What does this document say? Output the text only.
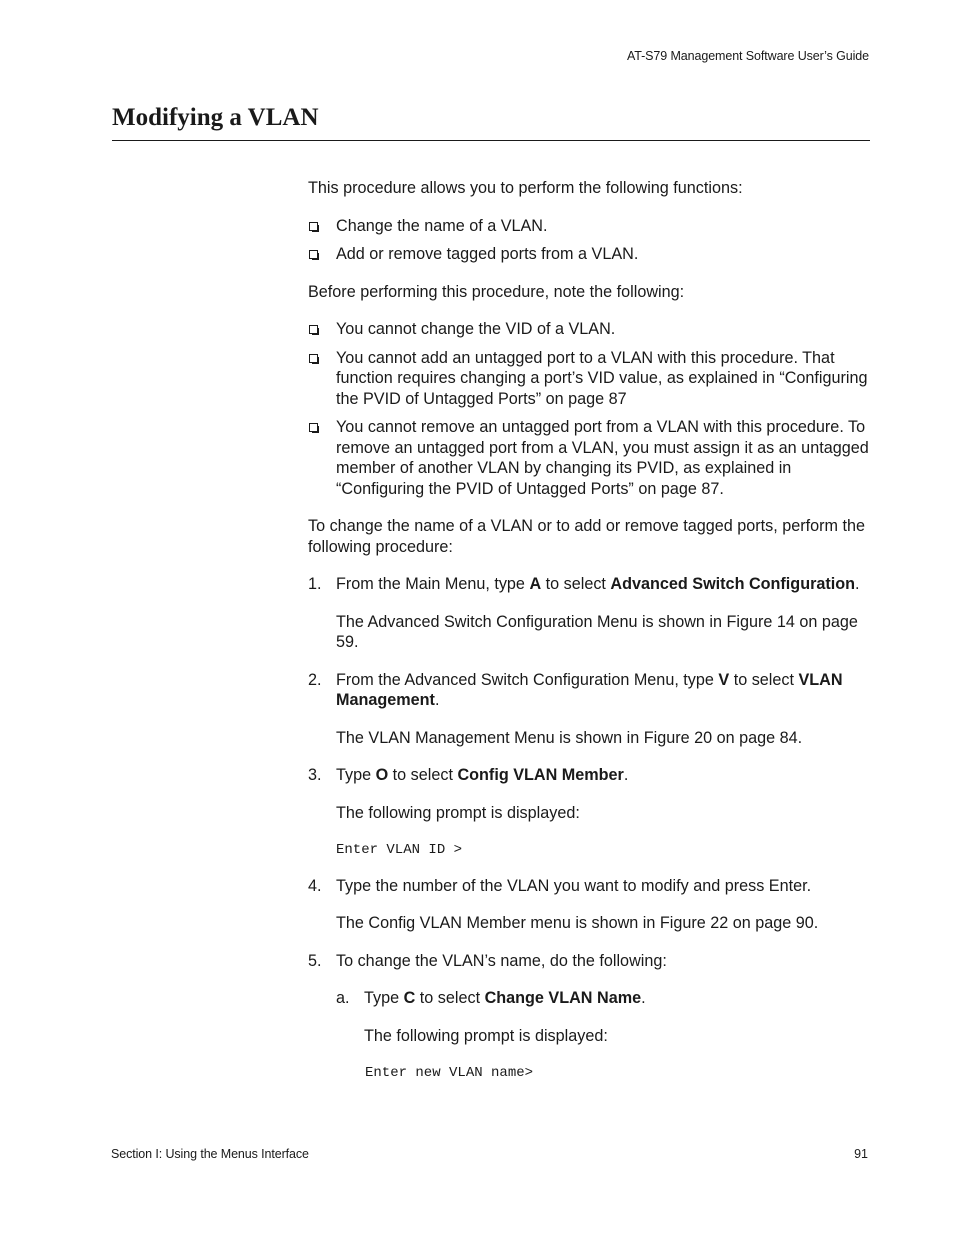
AT-S79 Management Software User’s Guide
Modifying a VLAN

This procedure allows you to perform the following functions:

Change the name of a VLAN.
Add or remove tagged ports from a VLAN.

Before performing this procedure, note the following:

You cannot change the VID of a VLAN.
You cannot add an untagged port to a VLAN with this procedure. That function requires changing a port’s VID value, as explained in “Configuring the PVID of Untagged Ports” on page 87
You cannot remove an untagged port from a VLAN with this procedure. To remove an untagged port from a VLAN, you must assign it as an untagged member of another VLAN by changing its PVID, as explained in “Configuring the PVID of Untagged Ports” on page 87.

To change the name of a VLAN or to add or remove tagged ports, perform the following procedure:

1. From the Main Menu, type A to select Advanced Switch Configuration.

The Advanced Switch Configuration Menu is shown in Figure 14 on page 59.

2. From the Advanced Switch Configuration Menu, type V to select VLAN Management.

The VLAN Management Menu is shown in Figure 20 on page 84.

3. Type O to select Config VLAN Member.

The following prompt is displayed:

Enter VLAN ID >
4. Type the number of the VLAN you want to modify and press Enter.

The Config VLAN Member menu is shown in Figure 22 on page 90.

5. To change the VLAN’s name, do the following:
a. Type C to select Change VLAN Name.

The following prompt is displayed:

Enter new VLAN name>
Section I: Using the Menus Interface	91
